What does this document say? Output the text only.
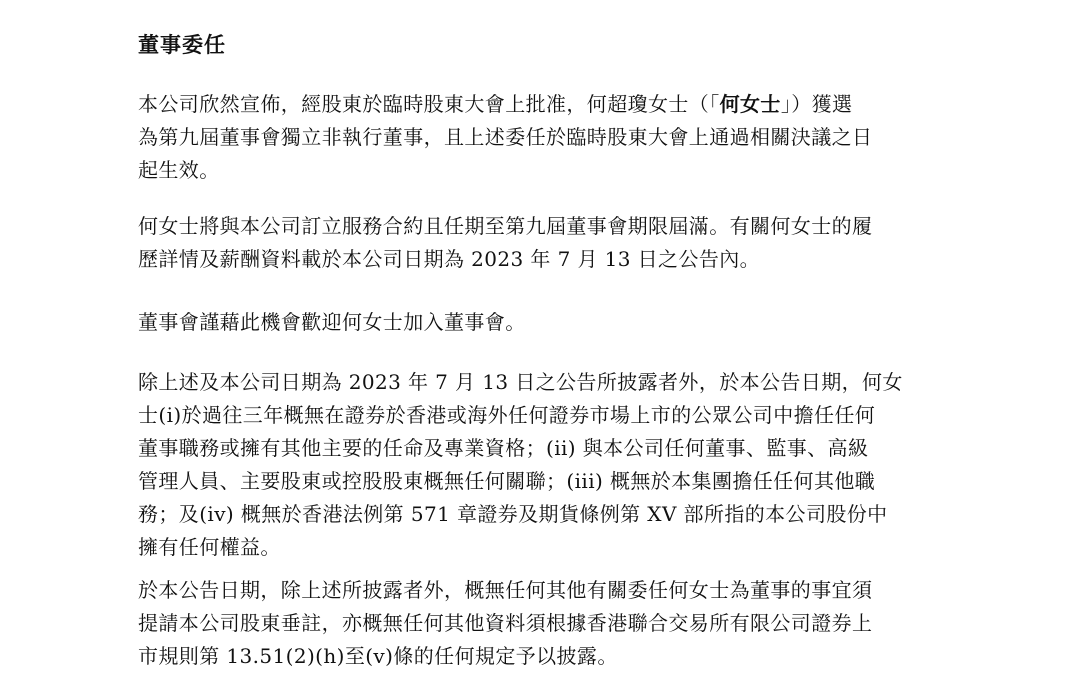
董事委任
本公司欣然宣佈，經股東於臨時股東大會上批准，何超瓊女士（「何女士」）獲選
為第九屆董事會獨立非執行董事，且上述委任於臨時股東大會上通過相關決議之日
起生效。
何女士將與本公司訂立服務合約且任期至第九屆董事會期限屆滿。有關何女士的履
歷詳情及薪酬資料載於本公司日期為 2023 年 7 月 13 日之公告內。
董事會謹藉此機會歡迎何女士加入董事會。
除上述及本公司日期為 2023 年 7 月 13 日之公告所披露者外，於本公告日期，何女
士(i)於過往三年概無在證券於香港或海外任何證券市場上市的公眾公司中擔任任何
董事職務或擁有其他主要的任命及專業資格；(ii) 與本公司任何董事、監事、高級
管理人員、主要股東或控股股東概無任何關聯；(iii) 概無於本集團擔任任何其他職
務；及(iv) 概無於香港法例第 571 章證券及期貨條例第 XV 部所指的本公司股份中
擁有任何權益。
於本公告日期，除上述所披露者外，概無任何其他有關委任何女士為董事的事宜須
提請本公司股東垂註，亦概無任何其他資料須根據香港聯合交易所有限公司證券上
市規則第 13.51(2)(h)至(v)條的任何規定予以披露。
